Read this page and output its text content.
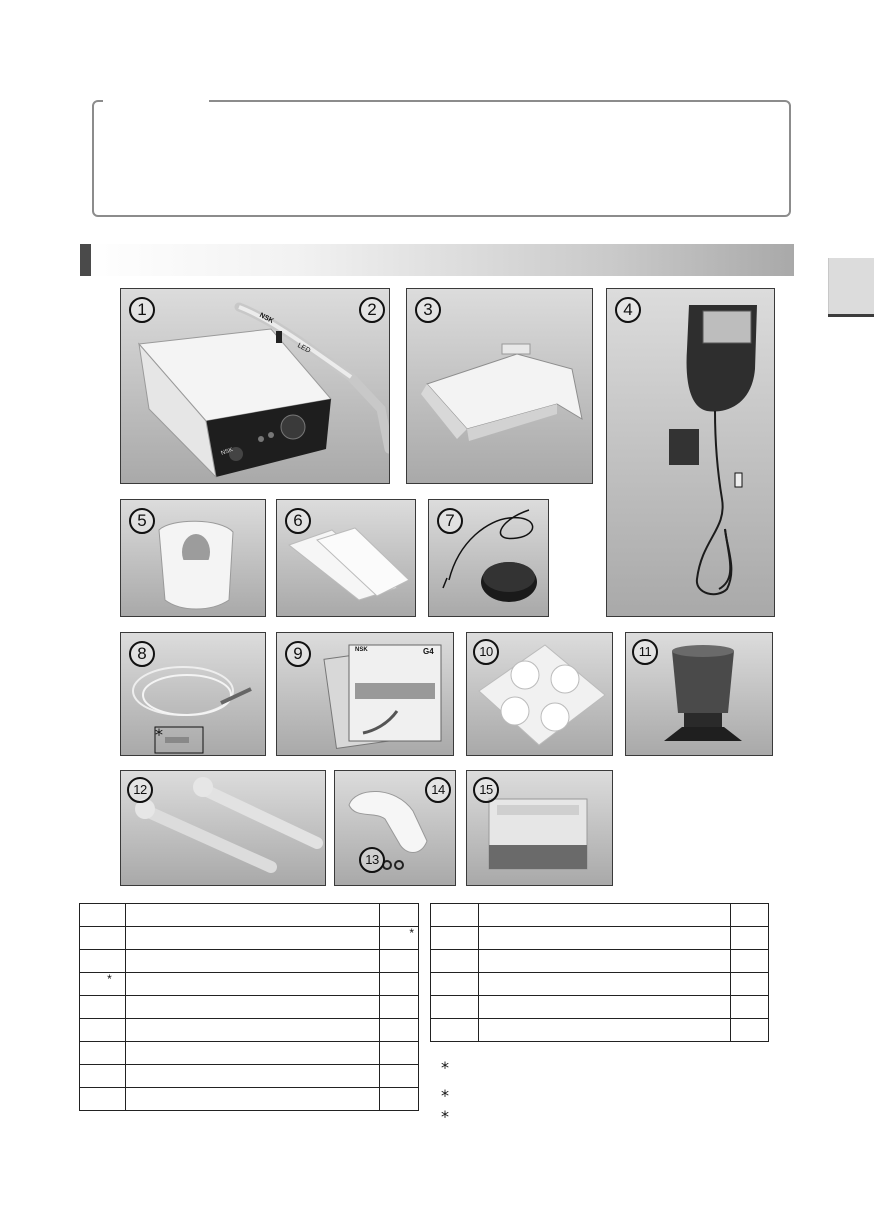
NSK
LED
NSK
1	2	3	4
5	6	7
*
8	NSK	G4
9	10	11
12	14
13
15

		*

*		

*
*
*
